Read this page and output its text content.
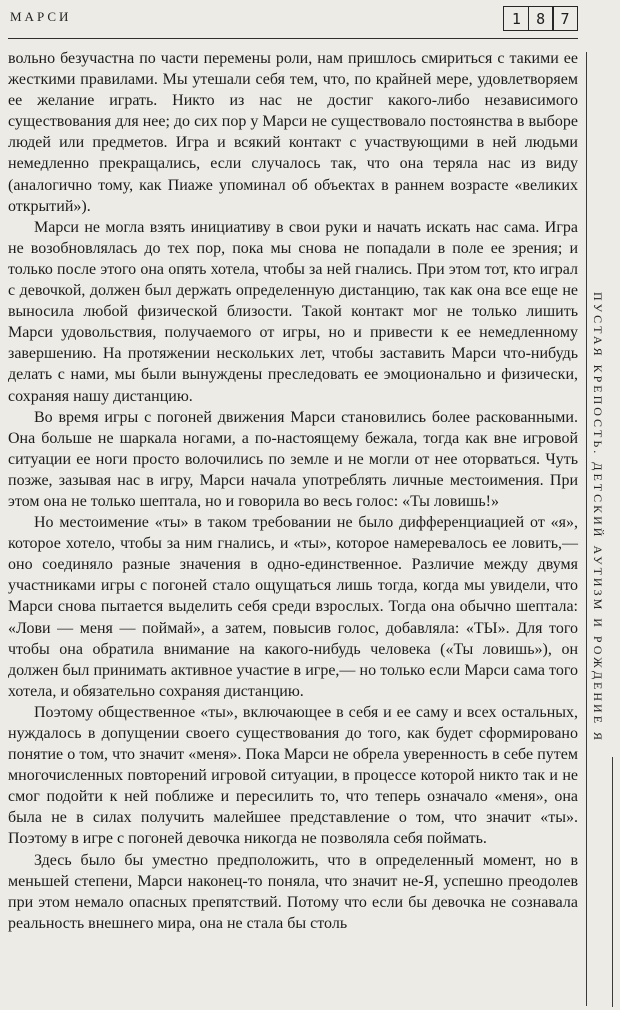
МАРСИ	1	8	7

вольно безучастна по части перемены роли, нам пришлось смириться с такими ее жесткими правилами. Мы утешали себя тем, что, по крайней мере, удовлетворяем ее желание играть. Никто из нас не достиг какого-либо независимого существования для нее; до сих пор у Марси не существовало постоянства в выборе людей или предметов. Игра и всякий контакт с участвующими в ней людьми немедленно прекращались, если случалось так, что она теряла нас из виду (аналогично тому, как Пиаже упоминал об объектах в раннем возрасте «великих открытий»).

Марси не могла взять инициативу в свои руки и начать искать нас сама. Игра не возобновлялась до тех пор, пока мы снова не попадали в поле ее зрения; и только после этого она опять хотела, чтобы за ней гнались. При этом тот, кто играл с девочкой, должен был держать определенную дистанцию, так как она все еще не выносила любой физической близости. Такой контакт мог не только лишить Марси удовольствия, получаемого от игры, но и привести к ее немедленному завершению. На протяжении нескольких лет, чтобы заставить Марси что-нибудь делать с нами, мы были вынуждены преследовать ее эмоционально и физически, сохраняя нашу дистанцию.

Во время игры с погоней движения Марси становились более раскованными. Она больше не шаркала ногами, а по-настоящему бежала, тогда как вне игровой ситуации ее ноги просто волочились по земле и не могли от нее оторваться. Чуть позже, зазывая нас в игру, Марси начала употреблять личные местоимения. При этом она не только шептала, но и говорила во весь голос: «Ты ловишь!»

Но местоимение «ты» в таком требовании не было дифференциацией от «я», которое хотело, чтобы за ним гнались, и «ты», которое намеревалось ее ловить,— оно соединяло разные значения в одно-единственное. Различие между двумя участниками игры с погоней стало ощущаться лишь тогда, когда мы увидели, что Марси снова пытается выделить себя среди взрослых. Тогда она обычно шептала: «Лови — меня — поймай», а затем, повысив голос, добавляла: «ТЫ». Для того чтобы она обратила внимание на какого-нибудь человека («Ты ловишь»), он должен был принимать активное участие в игре,— но только если Марси сама того хотела, и обязательно сохраняя дистанцию.

Поэтому общественное «ты», включающее в себя и ее саму и всех остальных, нуждалось в допущении своего существования до того, как будет сформировано понятие о том, что значит «меня». Пока Марси не обрела уверенность в себе путем многочисленных повторений игровой ситуации, в процессе которой никто так и не смог подойти к ней поближе и пересилить то, что теперь означало «меня», она была не в силах получить малейшее представление о том, что значит «ты». Поэтому в игре с погоней девочка никогда не позволяла себя поймать.

Здесь было бы уместно предположить, что в определенный момент, но в меньшей степени, Марси наконец-то поняла, что значит не-Я, успешно преодолев при этом немало опасных препятствий. Потому что если бы девочка не сознавала реальность внешнего мира, она не стала бы столь

ПУСТАЯ КРЕПОСТЬ. ДЕТСКИЙ АУТИЗМ И РОЖДЕНИЕ Я
